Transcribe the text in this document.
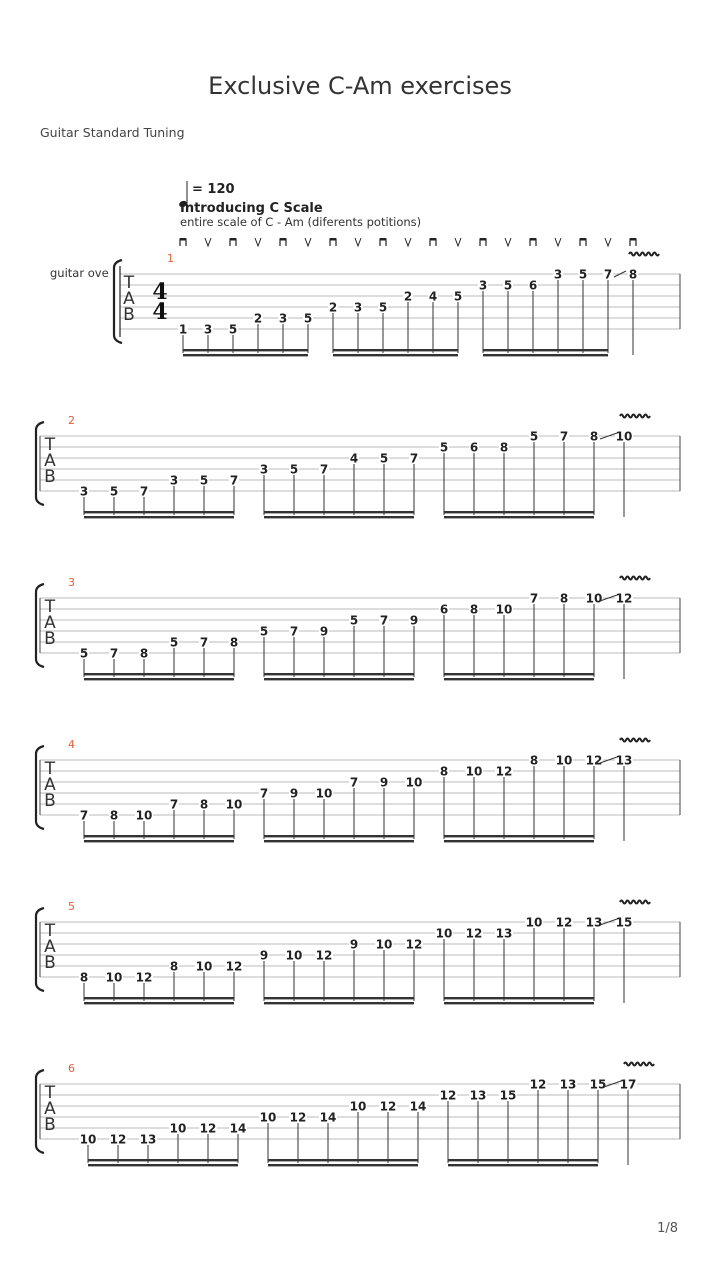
Exclusive C-Am exercises
Guitar Standard Tuning
1/8
= 120
Introducing C Scale
entire scale of C - Am (diferents potitions)
guitar ove T
A
B
4
4
1
1 3 5
2 3 5
2 3 5
2 4 5
3 5 6
3 5 7 8
T
A
B
2
3 5 7
3 5 7
3 5 7
4 5 7
5 6 8
5 7 8 10
T
A
B
3
5 7 8
5 7 8
5 7 9
5 7 9
6 8 10
7 8 10 12
T
A
B
4
7 8 10
7 8 10
7 9 10
7 9 10
8 10 12
8 10 12 13
T
A
B
5
8 10 12
8 10 12
9 10 12
9 10 12
10 12 13
10 12 13 15
T
A
B
6
10 12 13
10 12 14
10 12 14
10 12 14
12 13 15
12 13 15 17
